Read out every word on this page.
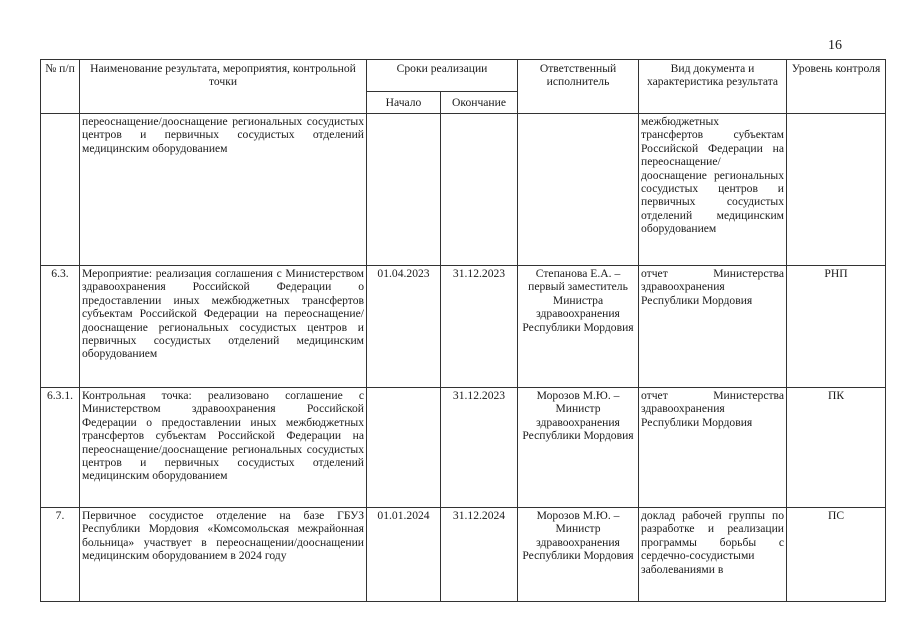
16
№ п/п	Наименование результата, мероприятия, контрольной точки	Сроки реализации		Ответственный исполнитель	Вид документа и характеристика результата	Уровень контроля
		Начало	Окончание			
	переоснащение/дооснащение региональных сосудистых центров и первичных сосудистых отделений медицинским оборудованием				межбюджетных трансфертов субъектам Российской Федерации на переоснащение/ дооснащение региональных сосудистых центров и первичных сосудистых отделений медицинским оборудованием	
6.3.	Мероприятие: реализация соглашения с Министерством здравоохранения Российской Федерации о предоставлении иных межбюджетных трансфертов субъектам Российской Федерации на переоснащение/дооснащение региональных сосудистых центров и первичных сосудистых отделений медицинским оборудованием	01.04.2023	31.12.2023	Степанова Е.А. – первый заместитель Министра здравоохранения Республики Мордовия	отчет Министерства здравоохранения Республики Мордовия	РНП
6.3.1.	Контрольная точка: реализовано соглашение с Министерством здравоохранения Российской Федерации о предоставлении иных межбюджетных трансфертов субъектам Российской Федерации на переоснащение/дооснащение региональных сосудистых центров и первичных сосудистых отделений медицинским оборудованием		31.12.2023	Морозов М.Ю. – Министр здравоохранения Республики Мордовия	отчет Министерства здравоохранения Республики Мордовия	ПК
7.	Первичное сосудистое отделение на базе ГБУЗ Республики Мордовия «Комсомольская межрайонная больница» участвует в переоснащении/дооснащении медицинским оборудованием в 2024 году	01.01.2024	31.12.2024	Морозов М.Ю. – Министр здравоохранения Республики Мордовия	доклад рабочей группы по разработке и реализации программы борьбы с сердечно-сосудистыми заболеваниями в	ПС
